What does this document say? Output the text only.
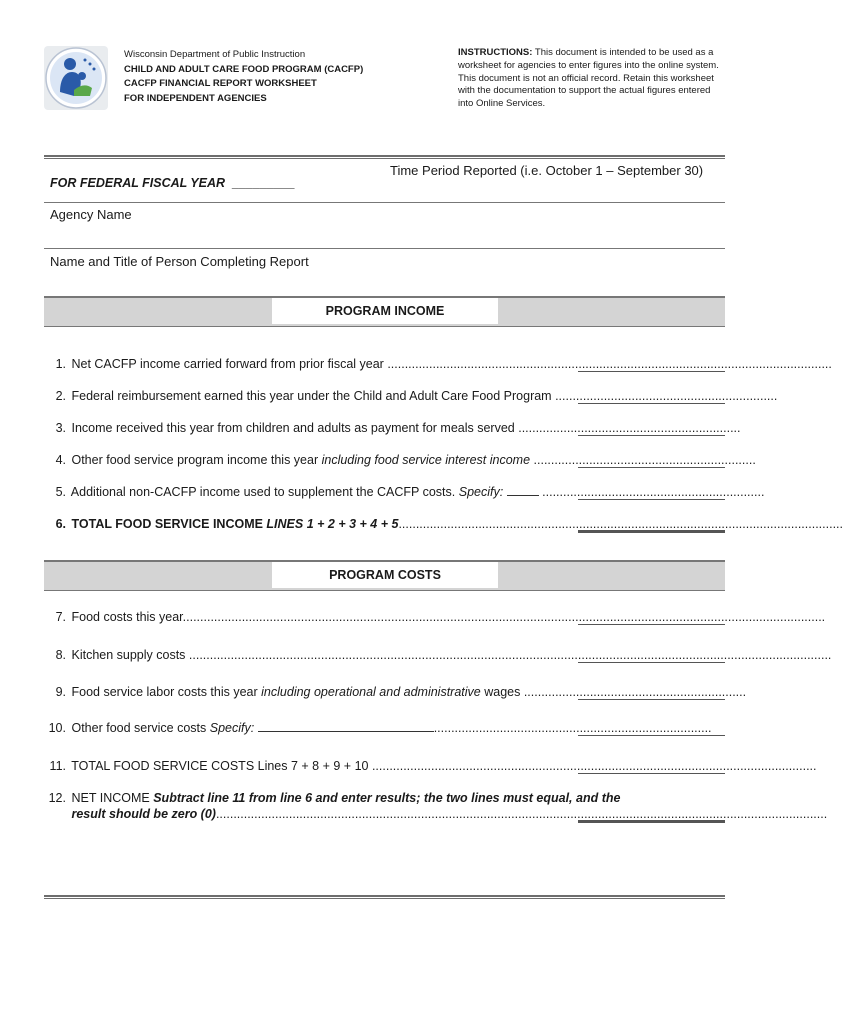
Wisconsin Department of Public Instruction
CHILD AND ADULT CARE FOOD PROGRAM (CACFP)
CACFP FINANCIAL REPORT WORKSHEET
FOR INDEPENDENT AGENCIES
INSTRUCTIONS: This document is intended to be used as a worksheet for agencies to enter figures into the online system. This document is not an official record. Retain this worksheet with the documentation to support the actual figures entered into Online Services.
Time Period Reported (i.e. October 1 – September 30)
FOR FEDERAL FISCAL YEAR _________
Agency Name
Name and Title of Person Completing Report
PROGRAM INCOME
1. Net CACFP income carried forward from prior fiscal year ................................................................................................................................
2. Federal reimbursement earned this year under the Child and Adult Care Food Program ................................................................
3. Income received this year from children and adults as payment for meals served ................................................................
4. Other food service program income this year including food service interest income ................................................................
5. Additional non-CACFP income used to supplement the CACFP costs. Specify:	................................................................
6. TOTAL FOOD SERVICE INCOME LINES 1 + 2 + 3 + 4 + 5................................................................................................................................
PROGRAM COSTS
7. Food costs this year.........................................................................................................................................................................................
8. Kitchen supply costs .........................................................................................................................................................................................
9. Food service labor costs this year including operational and administrative wages ................................................................
10. Other food service costs Specify:	................................................................................
11. TOTAL FOOD SERVICE COSTS Lines 7 + 8 + 9 + 10 ................................................................................................................................
12. NET INCOME Subtract line 11 from line 6 and enter results; the two lines must equal, and the
result should be zero (0)................................................................................................................................................................................
